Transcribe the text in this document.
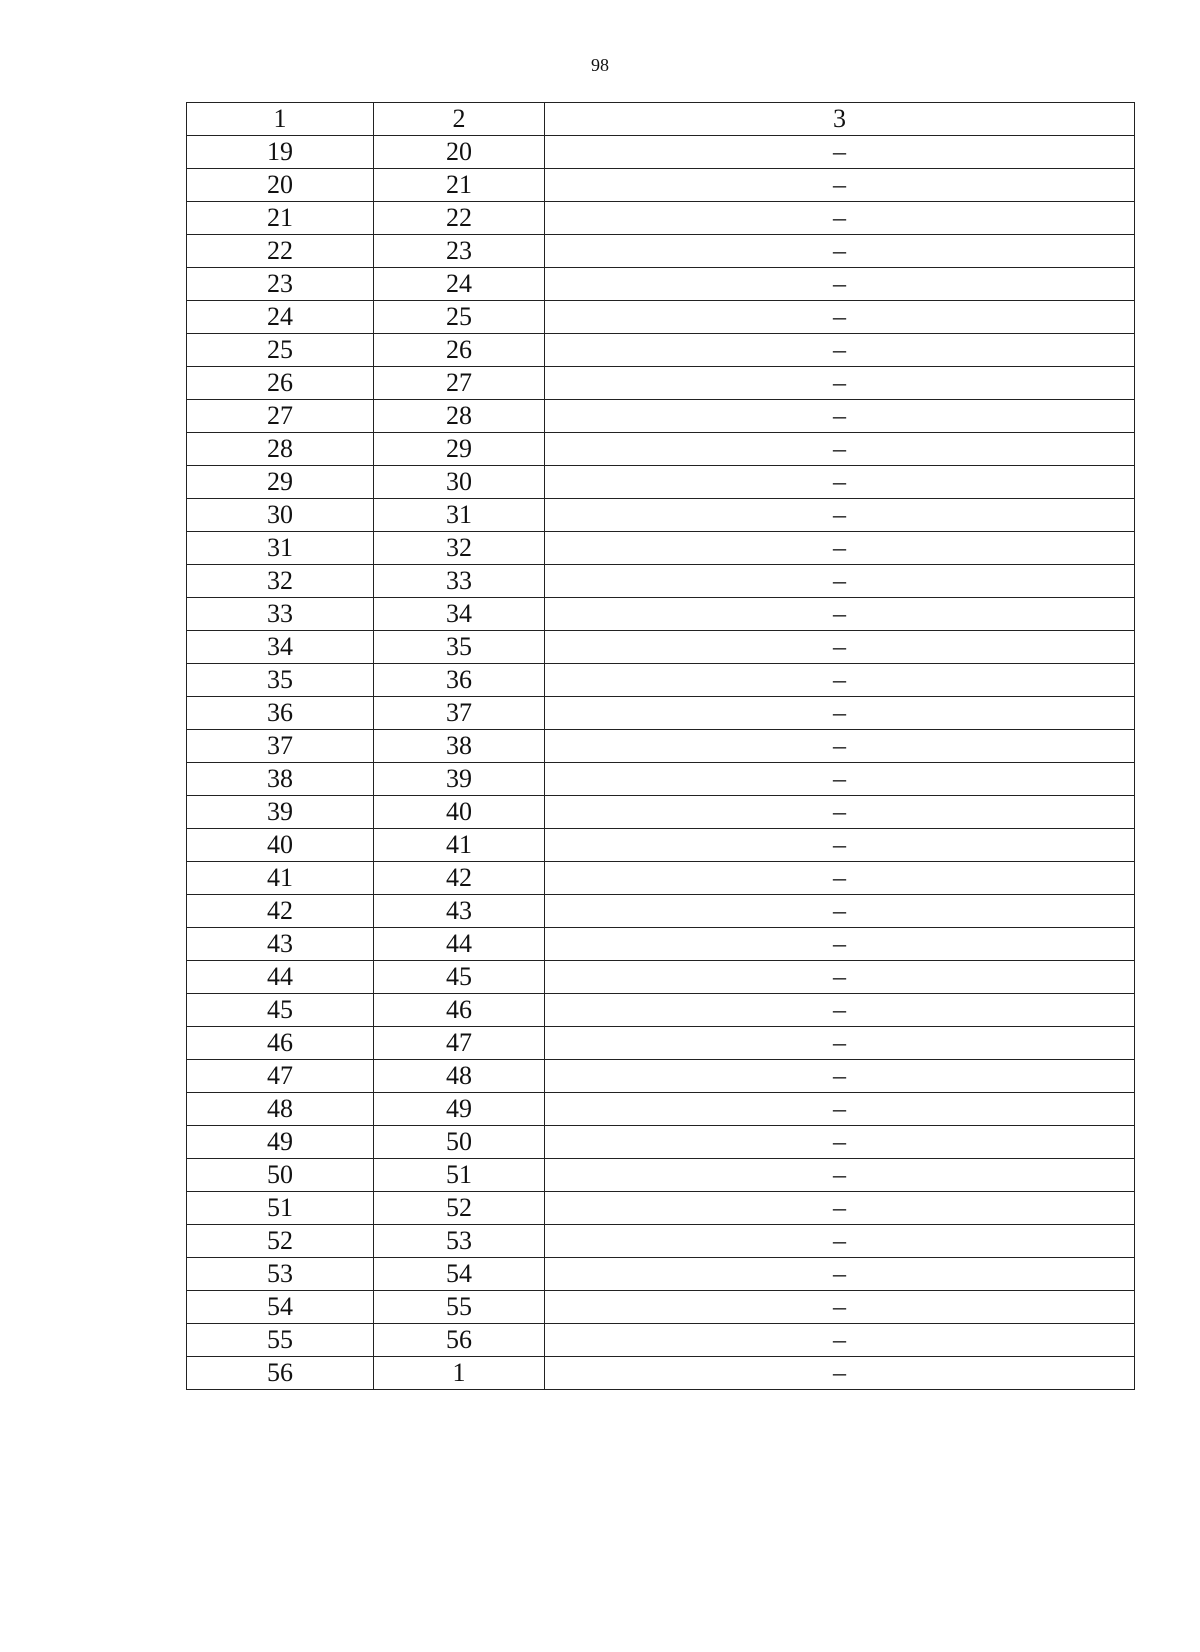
98
1	2	3
19	20	–
20	21	–
21	22	–
22	23	–
23	24	–
24	25	–
25	26	–
26	27	–
27	28	–
28	29	–
29	30	–
30	31	–
31	32	–
32	33	–
33	34	–
34	35	–
35	36	–
36	37	–
37	38	–
38	39	–
39	40	–
40	41	–
41	42	–
42	43	–
43	44	–
44	45	–
45	46	–
46	47	–
47	48	–
48	49	–
49	50	–
50	51	–
51	52	–
52	53	–
53	54	–
54	55	–
55	56	–
56	1	–
